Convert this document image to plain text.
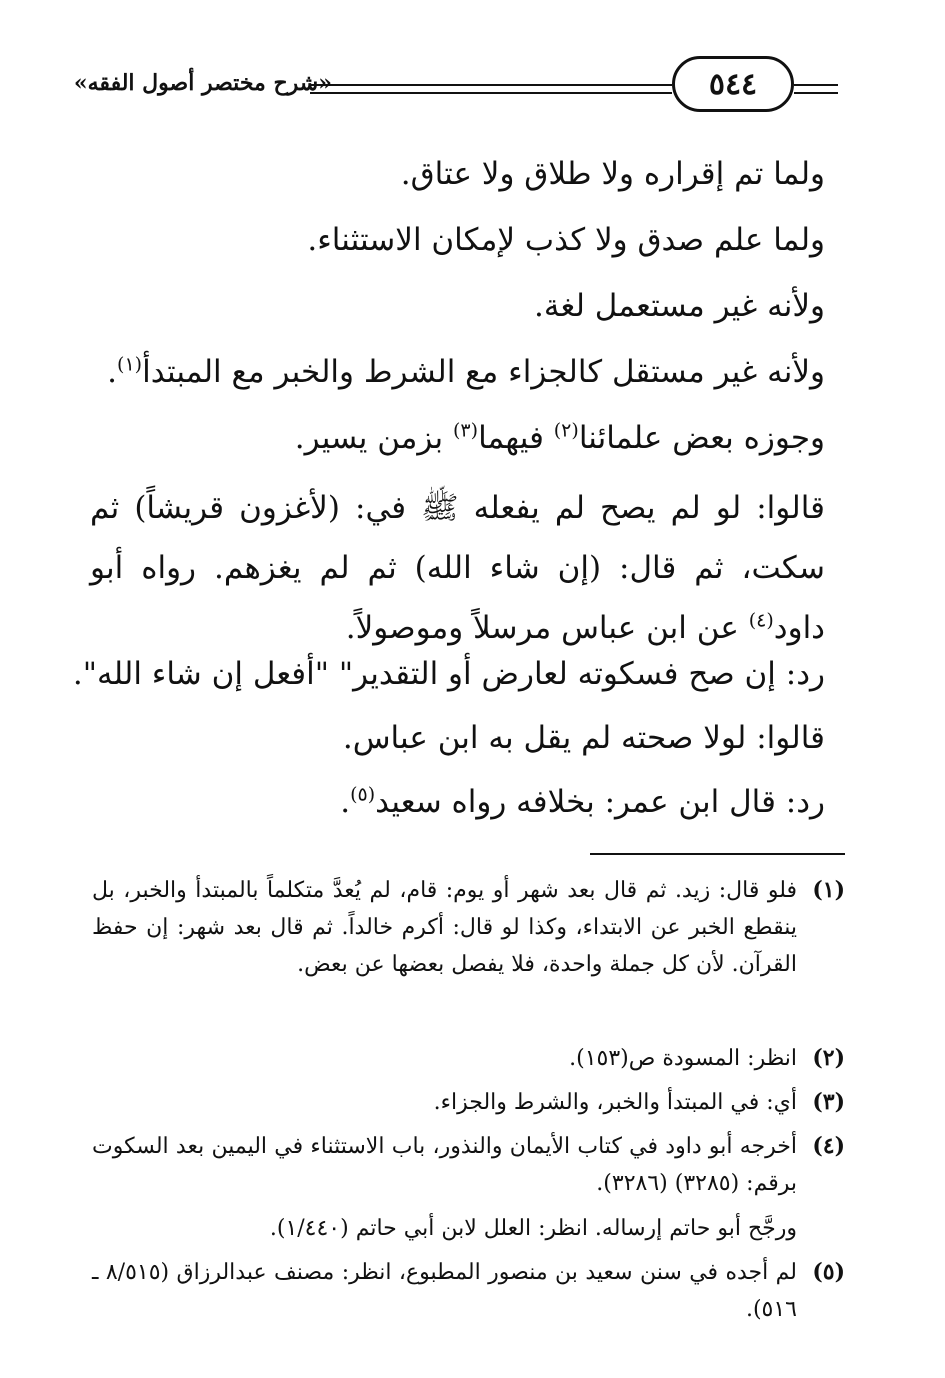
«شرح مختصر أصول الفقه»	٥٤٤
ولما تم إقراره ولا طلاق ولا عتاق.
ولما علم صدق ولا كذب لإمكان الاستثناء.
ولأنه غير مستعمل لغة.
ولأنه غير مستقل كالجزاء مع الشرط والخبر مع المبتدأ$^{(١)}$.
وجوزه بعض علمائنا$^{(٢)}$ فيهما$^{(٣)}$ بزمن يسير.
قالوا: لو لم يصح لم يفعله ﷺ في: (لأغزون قريشاً) ثم سكت، ثم قال: (إن شاء الله) ثم لم يغزهم. رواه أبو داود$^{(٤)}$ عن ابن عباس مرسلاً وموصولاً.
رد: إن صح فسكوته لعارض أو التقدير" "أفعل إن شاء الله".
قالوا: لولا صحته لم يقل به ابن عباس.
رد: قال ابن عمر: بخلافه رواه سعيد$^{(٥)}$.
(١)
فلو قال: زيد. ثم قال بعد شهر أو يوم: قام، لم يُعدَّ متكلماً بالمبتدأ والخبر، بل ينقطع الخبر عن الابتداء، وكذا لو قال: أكرم خالداً. ثم قال بعد شهر: إن حفظ القرآن. لأن كل جملة واحدة، فلا يفصل بعضها عن بعض.
(٢)
انظر: المسودة ص(١٥٣).
(٣)
أي: في المبتدأ والخبر، والشرط والجزاء.
(٤)
أخرجه أبو داود في كتاب الأيمان والنذور، باب الاستثناء في اليمين بعد السكوت برقم: (٣٢٨٥) (٣٢٨٦).
ورجَّح أبو حاتم إرساله. انظر: العلل لابن أبي حاتم (١/٤٤٠).
(٥)
لم أجده في سنن سعيد بن منصور المطبوع، انظر: مصنف عبدالرزاق (٨/٥١٥ ـ ٥١٦).
